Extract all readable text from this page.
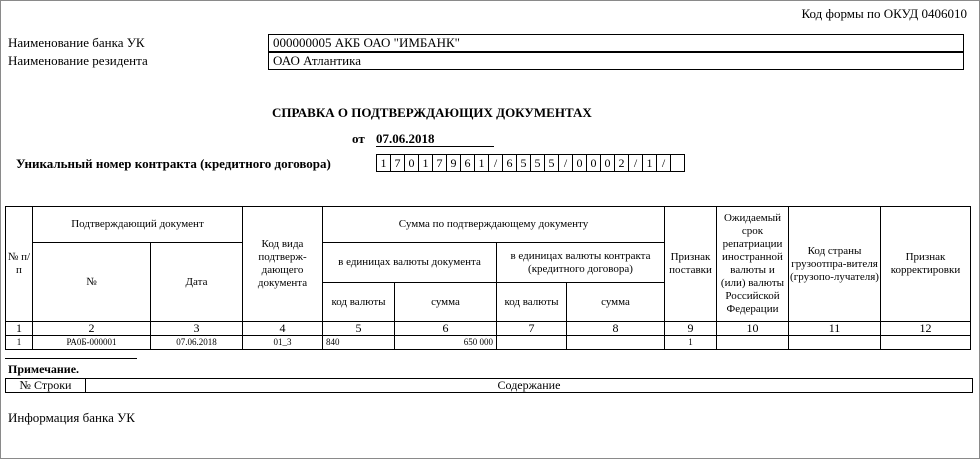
Код формы по ОКУД 0406010
Наименование банка УК	000000005 АКБ ОАО "ИМБАНК"
Наименование резидента	ОАО Атлантика
СПРАВКА О ПОДТВЕРЖДАЮЩИХ ДОКУМЕНТАХ
от 07.06.2018
Уникальный номер контракта (кредитного договора)	1 7 0 1 7 9 6 1 / 6 5 5 5 / 0 0 0 2 / 1 /
№ п/п	Подтверждающий документ		Код вида подтверж-дающего документа	Сумма по подтверждающему документу				Признак поставки	Ожидаемый срок репатриации иностранной валюты и (или) валюты Российской Федерации	Код страны грузоотпра-вителя (грузопо-лучателя)	Признак корректировки
	№	Дата		в единицах валюты документа		в единицах валюты контракта (кредитного договора)					
				код валюты	сумма	код валюты	сумма				
1	2	3	4	5	6	7	8	9	10	11	12
1	РА0Б-000001	07.06.2018	01_3	840	650 000			1			
Примечание.
№ Строки	Содержание
Информация банка УК
